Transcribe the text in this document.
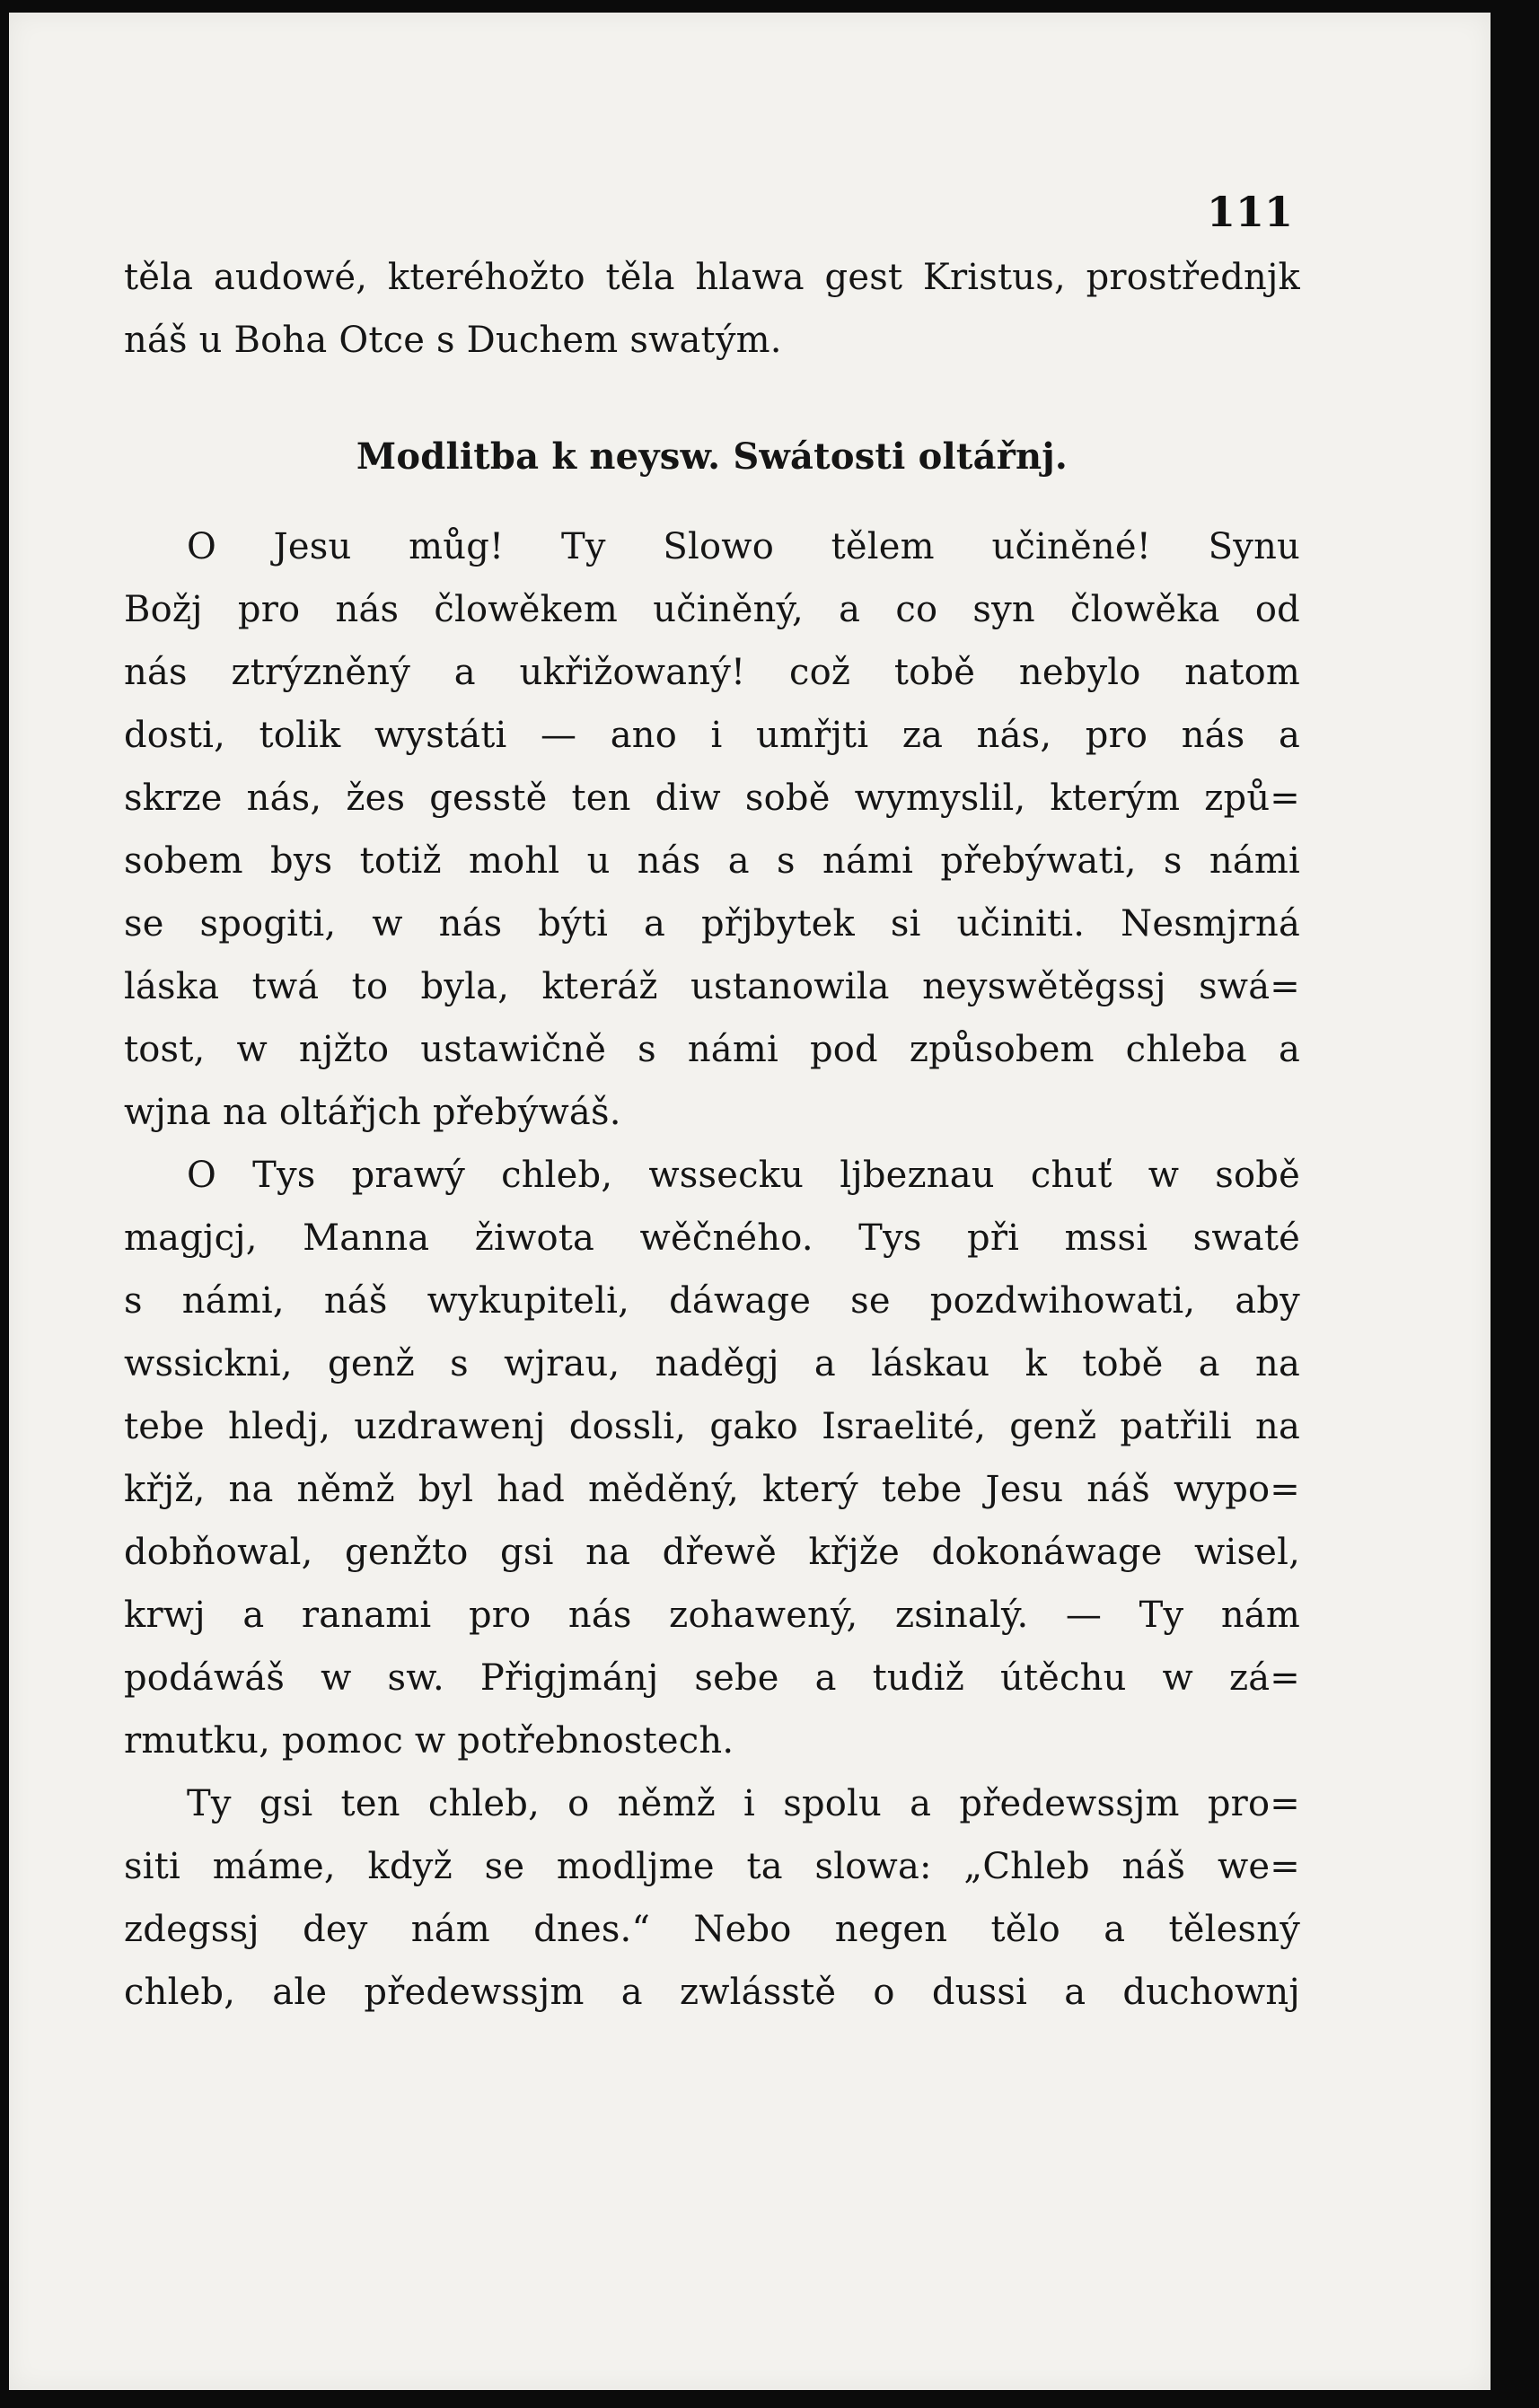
111
těla audowé, kteréhožto těla hlawa gest Kristus, prostřednjk
náš u Boha Otce s Duchem swatým.
Modlitba k neysw. Swátosti oltářnj.
O Jesu můg! Ty Slowo tělem učiněné! Synu
Božj pro nás člowěkem učiněný, a co syn člowěka od
nás ztrýzněný a ukřižowaný! což tobě nebylo natom
dosti, tolik wystáti — ano i umřjti za nás, pro nás a
skrze nás, žes gesstě ten diw sobě wymyslil, kterým způ=
sobem bys totiž mohl u nás a s námi přebýwati, s námi
se spogiti, w nás býti a přjbytek si učiniti. Nesmjrná
láska twá to byla, kteráž ustanowila neyswětěgssj swá=
tost, w njžto ustawičně s námi pod způsobem chleba a
wjna na oltářjch přebýwáš.
O Tys prawý chleb, wssecku ljbeznau chuť w sobě
magjcj, Manna žiwota wěčného. Tys při mssi swaté
s námi, náš wykupiteli, dáwage se pozdwihowati, aby
wssickni, genž s wjrau, naděgj a láskau k tobě a na
tebe hledj, uzdrawenj dossli, gako Israelité, genž patřili na
křjž, na němž byl had měděný, který tebe Jesu náš wypo=
dobňowal, genžto gsi na dřewě křjže dokonáwage wisel,
krwj a ranami pro nás zohawený, zsinalý. — Ty nám
podáwáš w sw. Přigjmánj sebe a tudiž útěchu w zá=
rmutku, pomoc w potřebnostech.
Ty gsi ten chleb, o němž i spolu a předewssjm pro=
siti máme, když se modljme ta slowa: „Chleb náš we=
zdegssj dey nám dnes.“ Nebo negen tělo a tělesný
chleb, ale předewssjm a zwlásstě o dussi a duchownj
